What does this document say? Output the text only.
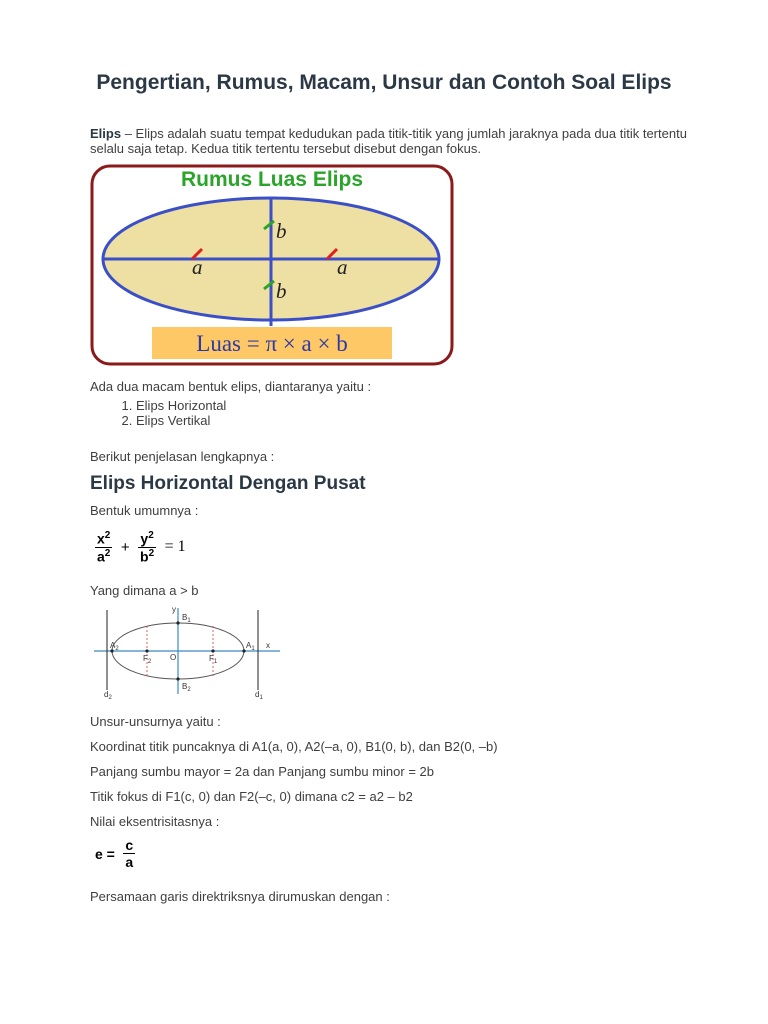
Pengertian, Rumus, Macam, Unsur dan Contoh Soal Elips
Elips – Elips adalah suatu tempat kedudukan pada titik-titik yang jumlah jaraknya pada dua titik tertentu selalu saja tetap. Kedua titik tertentu tersebut disebut dengan fokus.
Rumus Luas Elips
a	a
b
b
Luas = π × a × b
Ada dua macam bentuk elips, diantaranya yaitu :
1. Elips Horizontal
2. Elips Vertikal
Berikut penjelasan lengkapnya :
Elips Horizontal Dengan Pusat
Bentuk umumnya :
$\frac{x^2}{a^2} + \frac{y^2}{b^2} = 1$
Yang dimana a > b
y
x
$B_1$
$B_2$
$A_2$	$A_1$
$F_2$	$F_1$
O
$d_2$	$d_1$
Unsur-unsurnya yaitu :
Koordinat titik puncaknya di A1(a, 0), A2(–a, 0), B1(0, b), dan B2(0, –b)
Panjang sumbu mayor = 2a dan Panjang sumbu minor = 2b
Titik fokus di F1(c, 0) dan F2(–c, 0) dimana c2 = a2 – b2
Nilai eksentrisitasnya :
$e = \frac{c}{a}$
Persamaan garis direktriksnya dirumuskan dengan :
